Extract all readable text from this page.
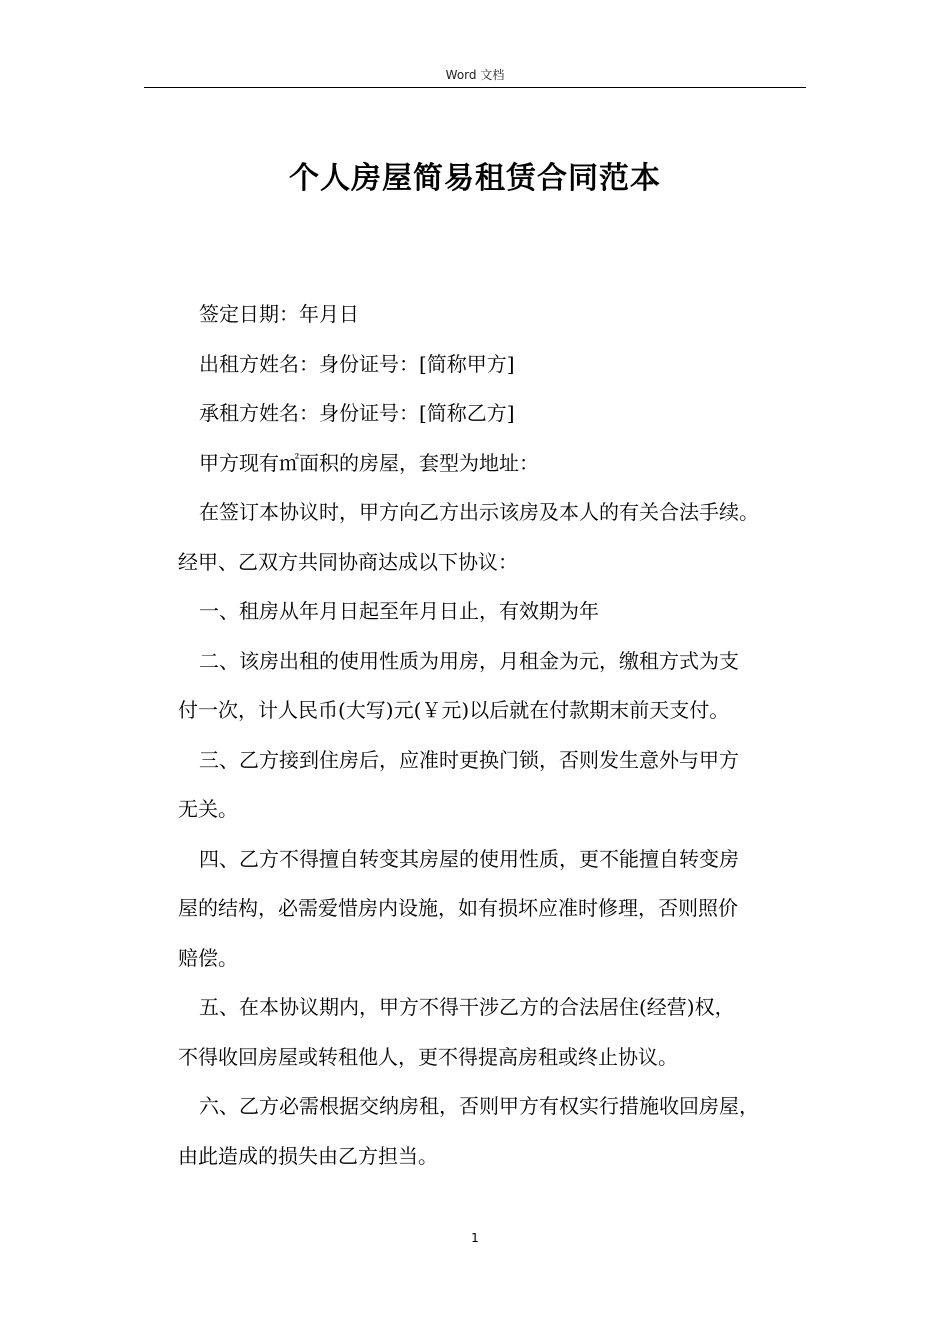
Word 文档
个人房屋简易租赁合同范本
签定日期：年月日
出租方姓名：身份证号：[简称甲方]
承租方姓名：身份证号：[简称乙方]
甲方现有㎡面积的房屋，套型为地址：
在签订本协议时，甲方向乙方出示该房及本人的有关合法手续。
经甲、乙双方共同协商达成以下协议：
一、租房从年月日起至年月日止，有效期为年
二、该房出租的使用性质为用房，月租金为元，缴租方式为支
付一次，计人民币(大写)元(￥元)以后就在付款期末前天支付。
三、乙方接到住房后，应准时更换门锁，否则发生意外与甲方
无关。
四、乙方不得擅自转变其房屋的使用性质，更不能擅自转变房
屋的结构，必需爱惜房内设施，如有损坏应准时修理，否则照价
赔偿。
五、在本协议期内，甲方不得干涉乙方的合法居住(经营)权，
不得收回房屋或转租他人，更不得提高房租或终止协议。
六、乙方必需根据交纳房租，否则甲方有权实行措施收回房屋，
由此造成的损失由乙方担当。
1
